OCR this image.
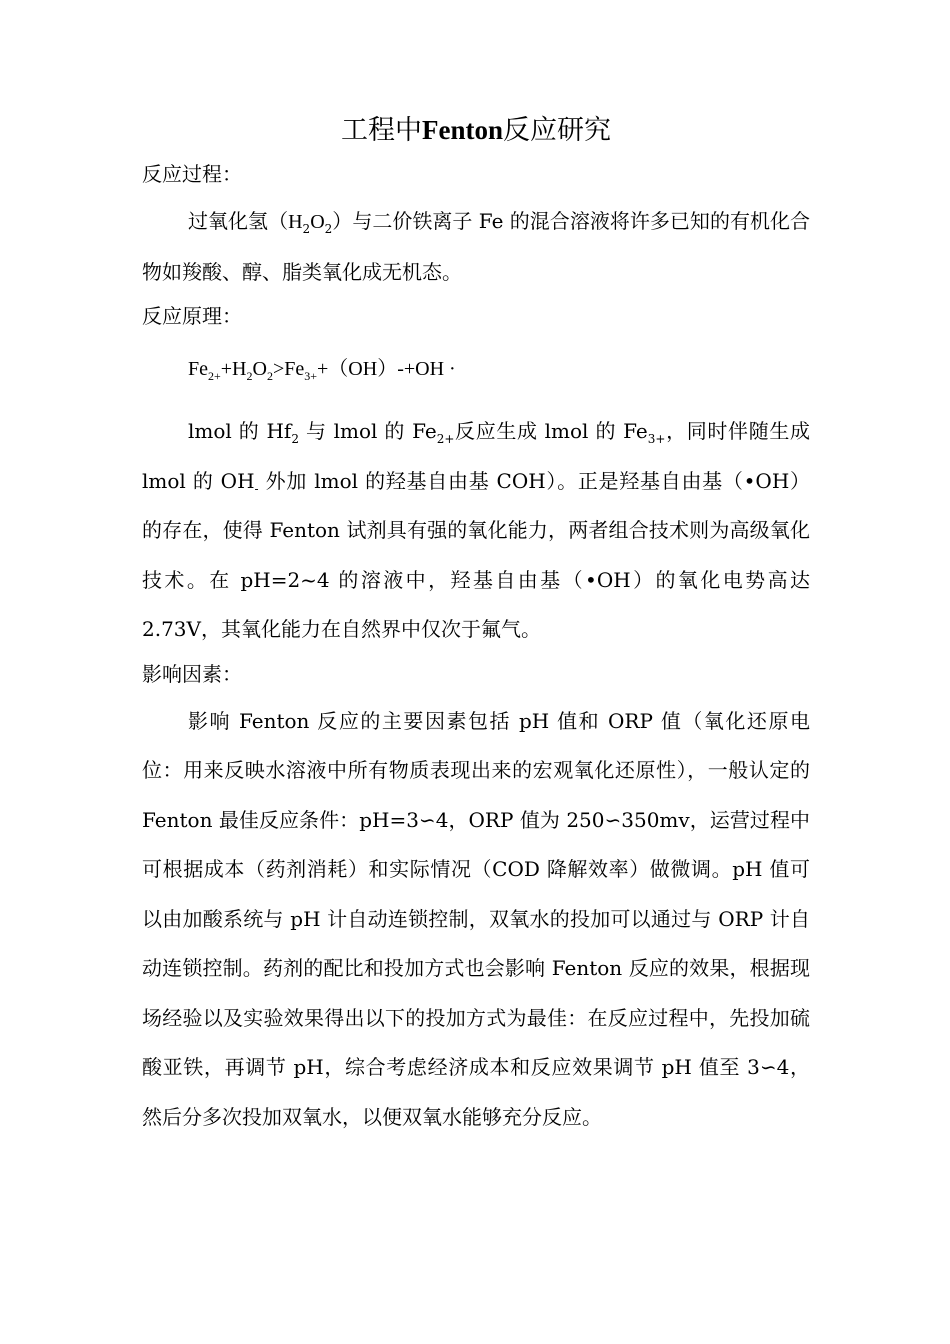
工程中Fenton反应研究
反应过程：

过氧化氢$(H_2O_2)$与二价铁离子 Fe 的混合溶液将许多已知的有机化合物如羧酸、醇、脂类氧化成无机态。

反应原理：
$Fe_{2+}+H_2O_2>Fe_{3+}+(OH)-+OH$ ·

lmol 的 $Hf_2$ 与 lmol 的 $Fe_{2+}$反应生成 lmol 的 $Fe_{3+}$，同时伴随生成 lmol 的 $OH_-$ 外加 lmol 的羟基自由基 COH）。正是羟基自由基（•OH）的存在，使得 Fenton 试剂具有强的氧化能力，两者组合技术则为高级氧化技术。在 pH=2~4 的溶液中，羟基自由基（•OH）的氧化电势高达 2.73V，其氧化能力在自然界中仅次于氟气。

影响因素：

影响 Fenton 反应的主要因素包括 pH 值和 ORP 值（氧化还原电位：用来反映水溶液中所有物质表现出来的宏观氧化还原性），一般认定的 Fenton 最佳反应条件：pH=3∽4，ORP 值为 250∽350mv，运营过程中可根据成本（药剂消耗）和实际情况（COD 降解效率）做微调。pH 值可以由加酸系统与 pH 计自动连锁控制，双氧水的投加可以通过与 ORP 计自动连锁控制。药剂的配比和投加方式也会影响 Fenton 反应的效果，根据现场经验以及实验效果得出以下的投加方式为最佳：在反应过程中，先投加硫酸亚铁，再调节 pH，综合考虑经济成本和反应效果调节 pH 值至 3∽4，然后分多次投加双氧水，以便双氧水能够充分反应。
